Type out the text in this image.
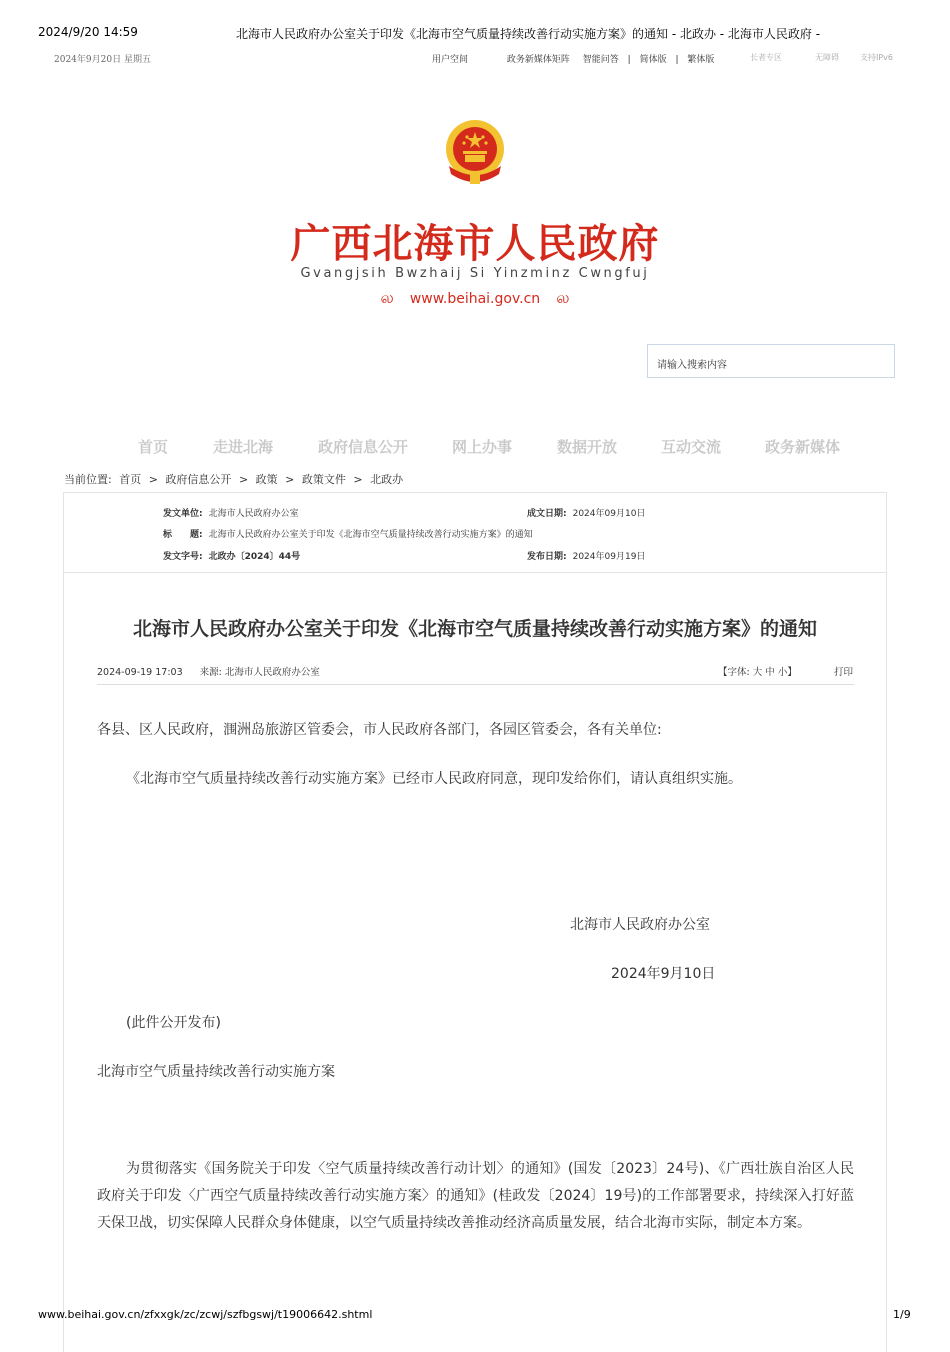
2024/9/20 14:59	北海市人民政府办公室关于印发《北海市空气质量持续改善行动实施方案》的通知 - 北政办 - 北海市人民政府 -
2024年9月20日 星期五	用户空间	政务新媒体矩阵 智能问答 | 简体版 | 繁体版	长者专区	无障碍	支持IPv6
广西北海市人民政府
Gvangjsih Bwzhaij Si Yinzminz Cwngfuj
ல www.beihai.gov.cn ல
请输入搜索内容
首页	走进北海	政府信息公开	网上办事	数据开放	互动交流	政务新媒体
当前位置: 首页 > 政府信息公开 > 政策 > 政策文件 > 北政办
发文单位: 北海市人民政府办公室	成文日期: 2024年09月10日
标　　题: 北海市人民政府办公室关于印发《北海市空气质量持续改善行动实施方案》的通知
发文字号: 北政办〔2024〕44号	发布日期: 2024年09月19日
北海市人民政府办公室关于印发《北海市空气质量持续改善行动实施方案》的通知
2024-09-19 17:03 来源: 北海市人民政府办公室	【字体: 大 中 小】	打印
各县、区人民政府，涠洲岛旅游区管委会，市人民政府各部门，各园区管委会，各有关单位:
《北海市空气质量持续改善行动实施方案》已经市人民政府同意，现印发给你们，请认真组织实施。
北海市人民政府办公室
2024年9月10日
(此件公开发布)
北海市空气质量持续改善行动实施方案
为贯彻落实《国务院关于印发〈空气质量持续改善行动计划〉的通知》(国发〔2023〕24号)、《广西壮族自治区人民政府关于印发〈广西空气质量持续改善行动实施方案〉的通知》(桂政发〔2024〕19号)的工作部署要求，持续深入打好蓝天保卫战，切实保障人民群众身体健康，以空气质量持续改善推动经济高质量发展，结合北海市实际，制定本方案。
www.beihai.gov.cn/zfxxgk/zc/zcwj/szfbgswj/t19006642.shtml	1/9
